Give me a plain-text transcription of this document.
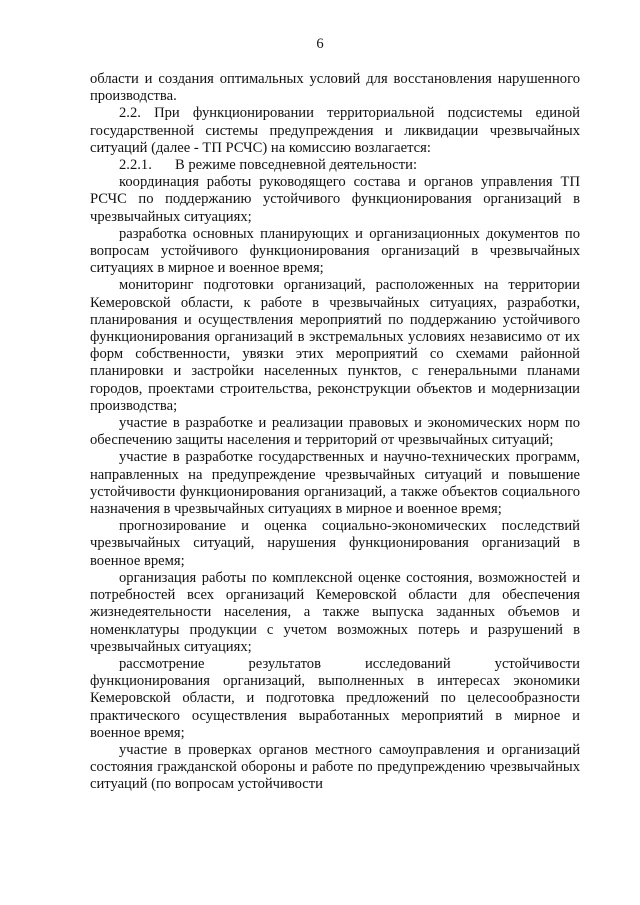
6

области и создания оптимальных условий для восстановления нарушенного производства.

2.2. При функционировании территориальной подсистемы единой государственной системы предупреждения и ликвидации чрезвычайных ситуаций (далее - ТП РСЧС) на комиссию возлагается:

2.2.1. В режиме повседневной деятельности:

координация работы руководящего состава и органов управления ТП РСЧС по поддержанию устойчивого функционирования организаций в чрезвычайных ситуациях;

разработка основных планирующих и организационных документов по вопросам устойчивого функционирования организаций в чрезвычайных ситуациях в мирное и военное время;

мониторинг подготовки организаций, расположенных на территории Кемеровской области, к работе в чрезвычайных ситуациях, разработки, планирования и осуществления мероприятий по поддержанию устойчивого функционирования организаций в экстремальных условиях независимо от их форм собственности, увязки этих мероприятий со схемами районной планировки и застройки населенных пунктов, с генеральными планами городов, проектами строительства, реконструкции объектов и модернизации производства;

участие в разработке и реализации правовых и экономических норм по обеспечению защиты населения и территорий от чрезвычайных ситуаций;

участие в разработке государственных и научно-технических программ, направленных на предупреждение чрезвычайных ситуаций и повышение устойчивости функционирования организаций, а также объектов социального назначения в чрезвычайных ситуациях в мирное и военное время;

прогнозирование и оценка социально-экономических последствий чрезвычайных ситуаций, нарушения функционирования организаций в военное время;

организация работы по комплексной оценке состояния, возможностей и потребностей всех организаций Кемеровской области для обеспечения жизнедеятельности населения, а также выпуска заданных объемов и номенклатуры продукции с учетом возможных потерь и разрушений в чрезвычайных ситуациях;

рассмотрение результатов исследований устойчивости функционирования организаций, выполненных в интересах экономики Кемеровской области, и подготовка предложений по целесообразности практического осуществления выработанных мероприятий в мирное и военное время;

участие в проверках органов местного самоуправления и организаций состояния гражданской обороны и работе по предупреждению чрезвычайных ситуаций (по вопросам устойчивости
